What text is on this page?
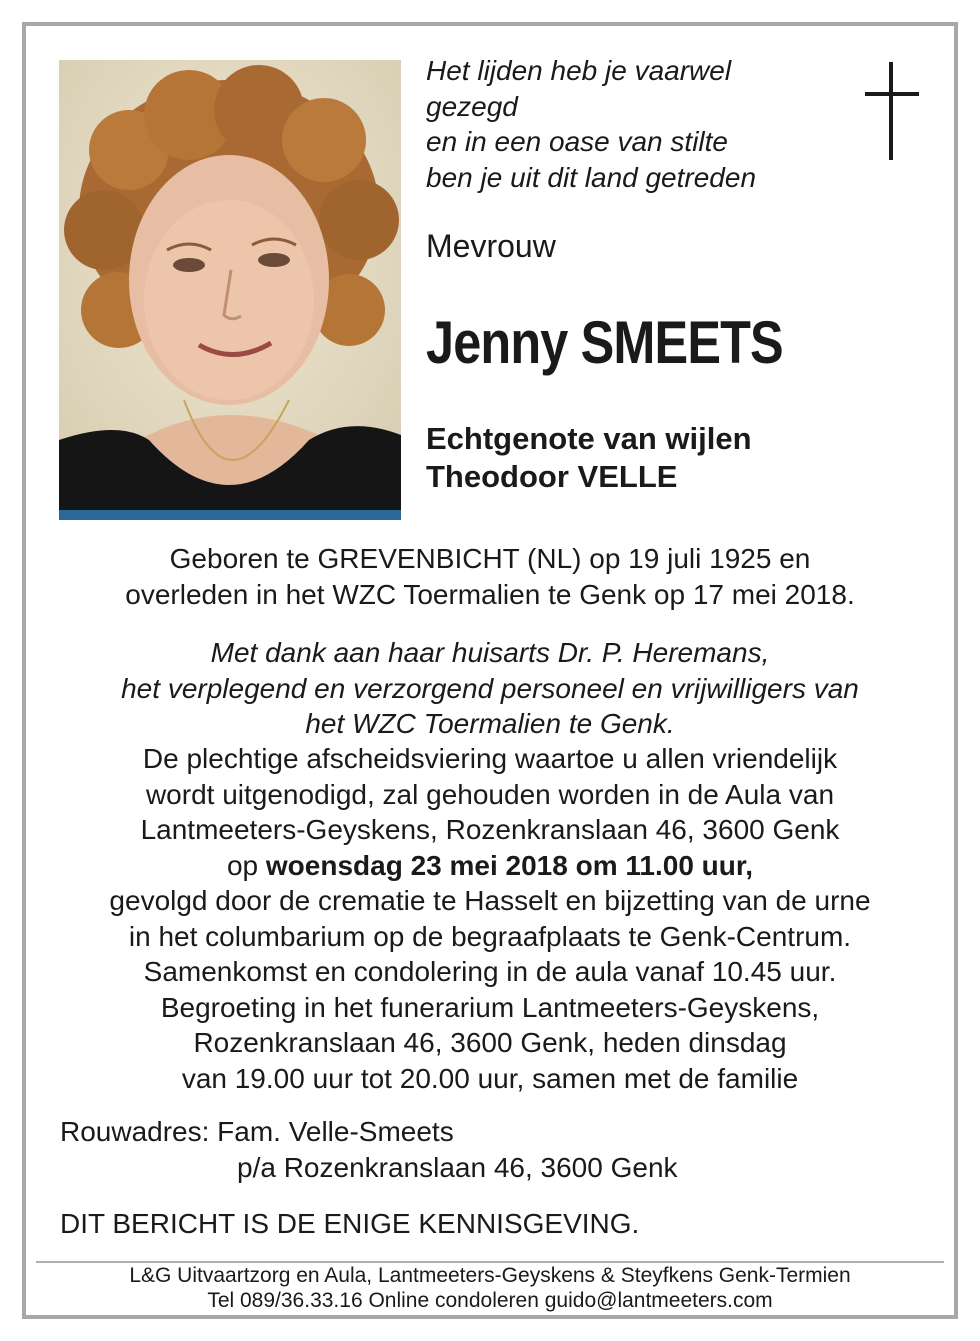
Het lijden heb je vaarwel
gezegd
en in een oase van stilte
ben je uit dit land getreden
Mevrouw
Jenny SMEETS
Echtgenote van wijlen
Theodoor VELLE
Geboren te GREVENBICHT (NL) op 19 juli 1925 en
overleden in het WZC Toermalien te Genk op 17 mei 2018.
Met dank aan haar huisarts Dr. P. Heremans,
het verplegend en verzorgend personeel en vrijwilligers van
het WZC Toermalien te Genk.
De plechtige afscheidsviering waartoe u allen vriendelijk
wordt uitgenodigd, zal gehouden worden in de Aula van
Lantmeeters-Geyskens, Rozenkranslaan 46, 3600 Genk
op woensdag 23 mei 2018 om 11.00 uur,
gevolgd door de crematie te Hasselt en bijzetting van de urne
in het columbarium op de begraafplaats te Genk-Centrum.
Samenkomst en condolering in de aula vanaf 10.45 uur.
Begroeting in het funerarium Lantmeeters-Geyskens,
Rozenkranslaan 46, 3600 Genk, heden dinsdag
van 19.00 uur tot 20.00 uur, samen met de familie
Rouwadres: Fam. Velle-Smeets
p/a Rozenkranslaan 46, 3600 Genk
DIT BERICHT IS DE ENIGE KENNISGEVING.
L&G Uitvaartzorg en Aula, Lantmeeters-Geyskens & Steyfkens Genk-Termien
Tel 089/36.33.16 Online condoleren guido@lantmeeters.com
